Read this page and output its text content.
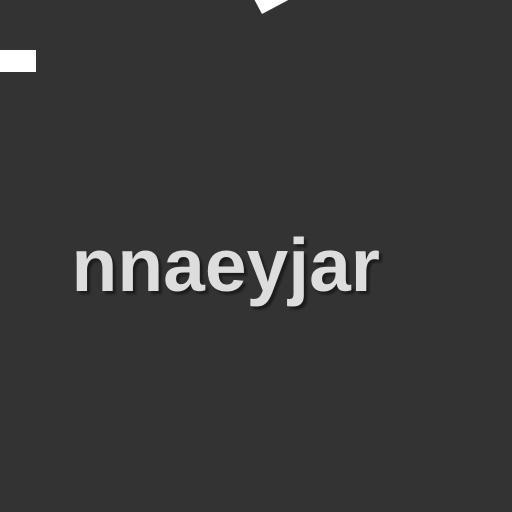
nnaeyjar
